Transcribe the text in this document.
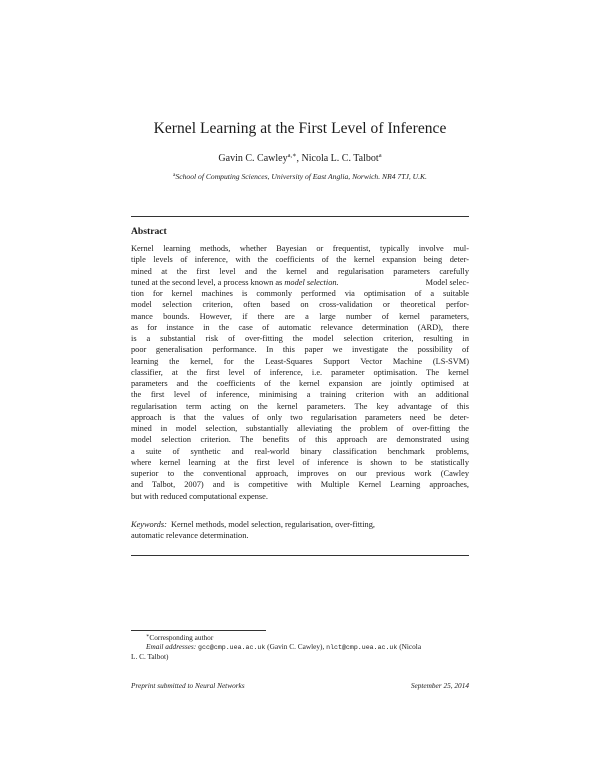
Kernel Learning at the First Level of Inference
Gavin C. Cawley$^{a,∗}$, Nicola L. C. Talbot$^a$
$^a$School of Computing Sciences, University of East Anglia, Norwich. NR4 7TJ, U.K.
Abstract
Kernel learning methods, whether Bayesian or frequentist, typically involve mul-
tiple levels of inference, with the coefficients of the kernel expansion being deter-
mined at the first level and the kernel and regularisation parameters carefully
tuned at the second level, a process known as model selection.	Model selec-
tion for kernel machines is commonly performed via optimisation of a suitable
model selection criterion, often based on cross-validation or theoretical perfor-
mance bounds. However, if there are a large number of kernel parameters,
as for instance in the case of automatic relevance determination (ARD), there
is a substantial risk of over-fitting the model selection criterion, resulting in
poor generalisation performance. In this paper we investigate the possibility of
learning the kernel, for the Least-Squares Support Vector Machine (LS-SVM)
classifier, at the first level of inference, i.e. parameter optimisation. The kernel
parameters and the coefficients of the kernel expansion are jointly optimised at
the first level of inference, minimising a training criterion with an additional
regularisation term acting on the kernel parameters. The key advantage of this
approach is that the values of only two regularisation parameters need be deter-
mined in model selection, substantially alleviating the problem of over-fitting the
model selection criterion. The benefits of this approach are demonstrated using
a suite of synthetic and real-world binary classification benchmark problems,
where kernel learning at the first level of inference is shown to be statistically
superior to the conventional approach, improves on our previous work (Cawley
and Talbot, 2007) and is competitive with Multiple Kernel Learning approaches,
but with reduced computational expense.
Keywords: Kernel methods, model selection, regularisation, over-fitting,
automatic relevance determination.
∗Corresponding author
Email addresses: gcc@cmp.uea.ac.uk (Gavin C. Cawley), nlct@cmp.uea.ac.uk (Nicola
L. C. Talbot)
Preprint submitted to Neural Networks	September 25, 2014
